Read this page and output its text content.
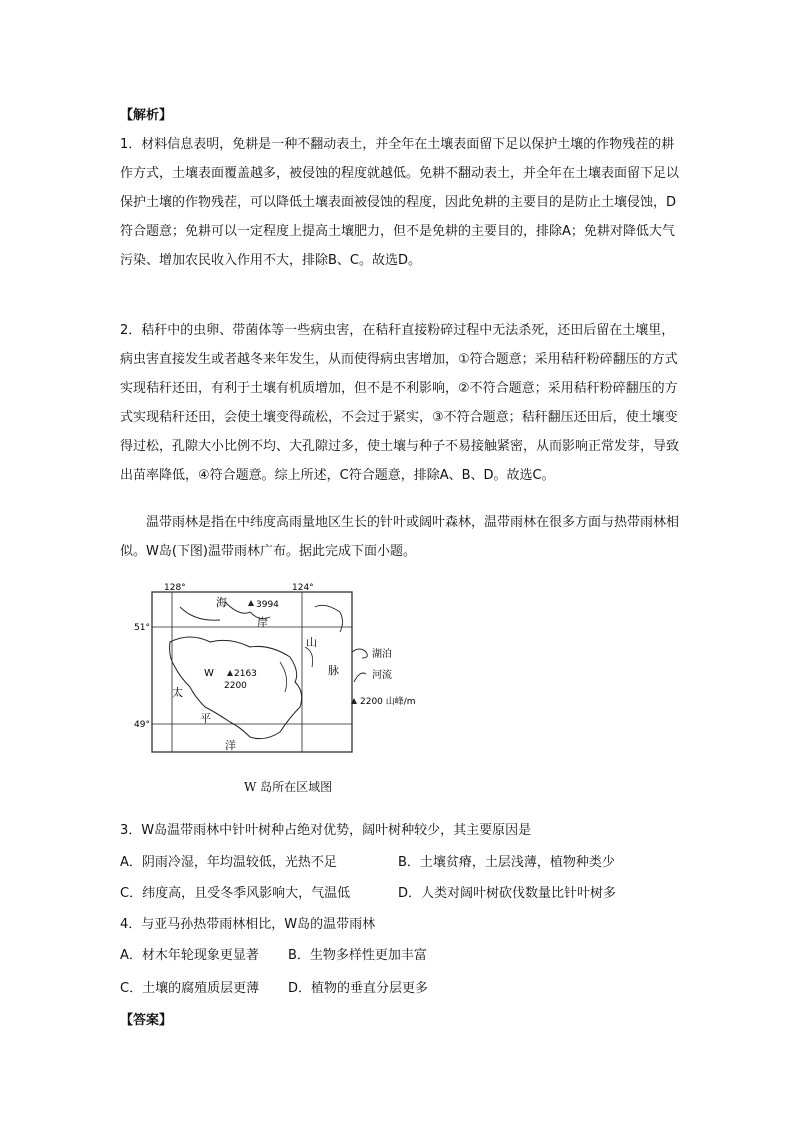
【解析】

1．材料信息表明，免耕是一种不翻动表土，并全年在土壤表面留下足以保护土壤的作物残茬的耕作方式，土壤表面覆盖越多，被侵蚀的程度就越低。免耕不翻动表土，并全年在土壤表面留下足以保护土壤的作物残茬，可以降低土壤表面被侵蚀的程度，因此免耕的主要目的是防止土壤侵蚀，D符合题意；免耕可以一定程度上提高土壤肥力，但不是免耕的主要目的，排除A；免耕对降低大气污染、增加农民收入作用不大，排除B、C。故选D。

2．秸秆中的虫卵、带菌体等一些病虫害，在秸秆直接粉碎过程中无法杀死，还田后留在土壤里，病虫害直接发生或者越冬来年发生，从而使得病虫害增加，①符合题意；采用秸秆粉碎翻压的方式实现秸秆还田，有利于土壤有机质增加，但不是不利影响，②不符合题意；采用秸秆粉碎翻压的方式实现秸秆还田，会使土壤变得疏松，不会过于紧实，③不符合题意；秸秆翻压还田后，使土壤变得过松，孔隙大小比例不均、大孔隙过多，使土壤与种子不易接触紧密，从而影响正常发芽，导致出苗率降低，④符合题意。综上所述，C符合题意，排除A、B、D。故选C。

温带雨林是指在中纬度高雨量地区生长的针叶或阔叶森林，温带雨林在很多方面与热带雨林相似。W岛(下图)温带雨林广布。据此完成下面小题。

128°	124°
51°
49°
海
岸
山
脉
太
平
洋
3994
2163
2200
W
湖泊
河流
2200 山峰/m
W 岛所在区域图

3．W岛温带雨林中针叶树种占绝对优势，阔叶树种较少，其主要原因是

A．阴雨冷湿，年均温较低，光热不足	B．土壤贫瘠，土层浅薄，植物种类少
C．纬度高，且受冬季风影响大，气温低	D．人类对阔叶树砍伐数量比针叶树多

4．与亚马孙热带雨林相比，W岛的温带雨林

A．材木年轮现象更显著 B．生物多样性更加丰富
C．土壤的腐殖质层更薄 D．植物的垂直分层更多
【答案】
